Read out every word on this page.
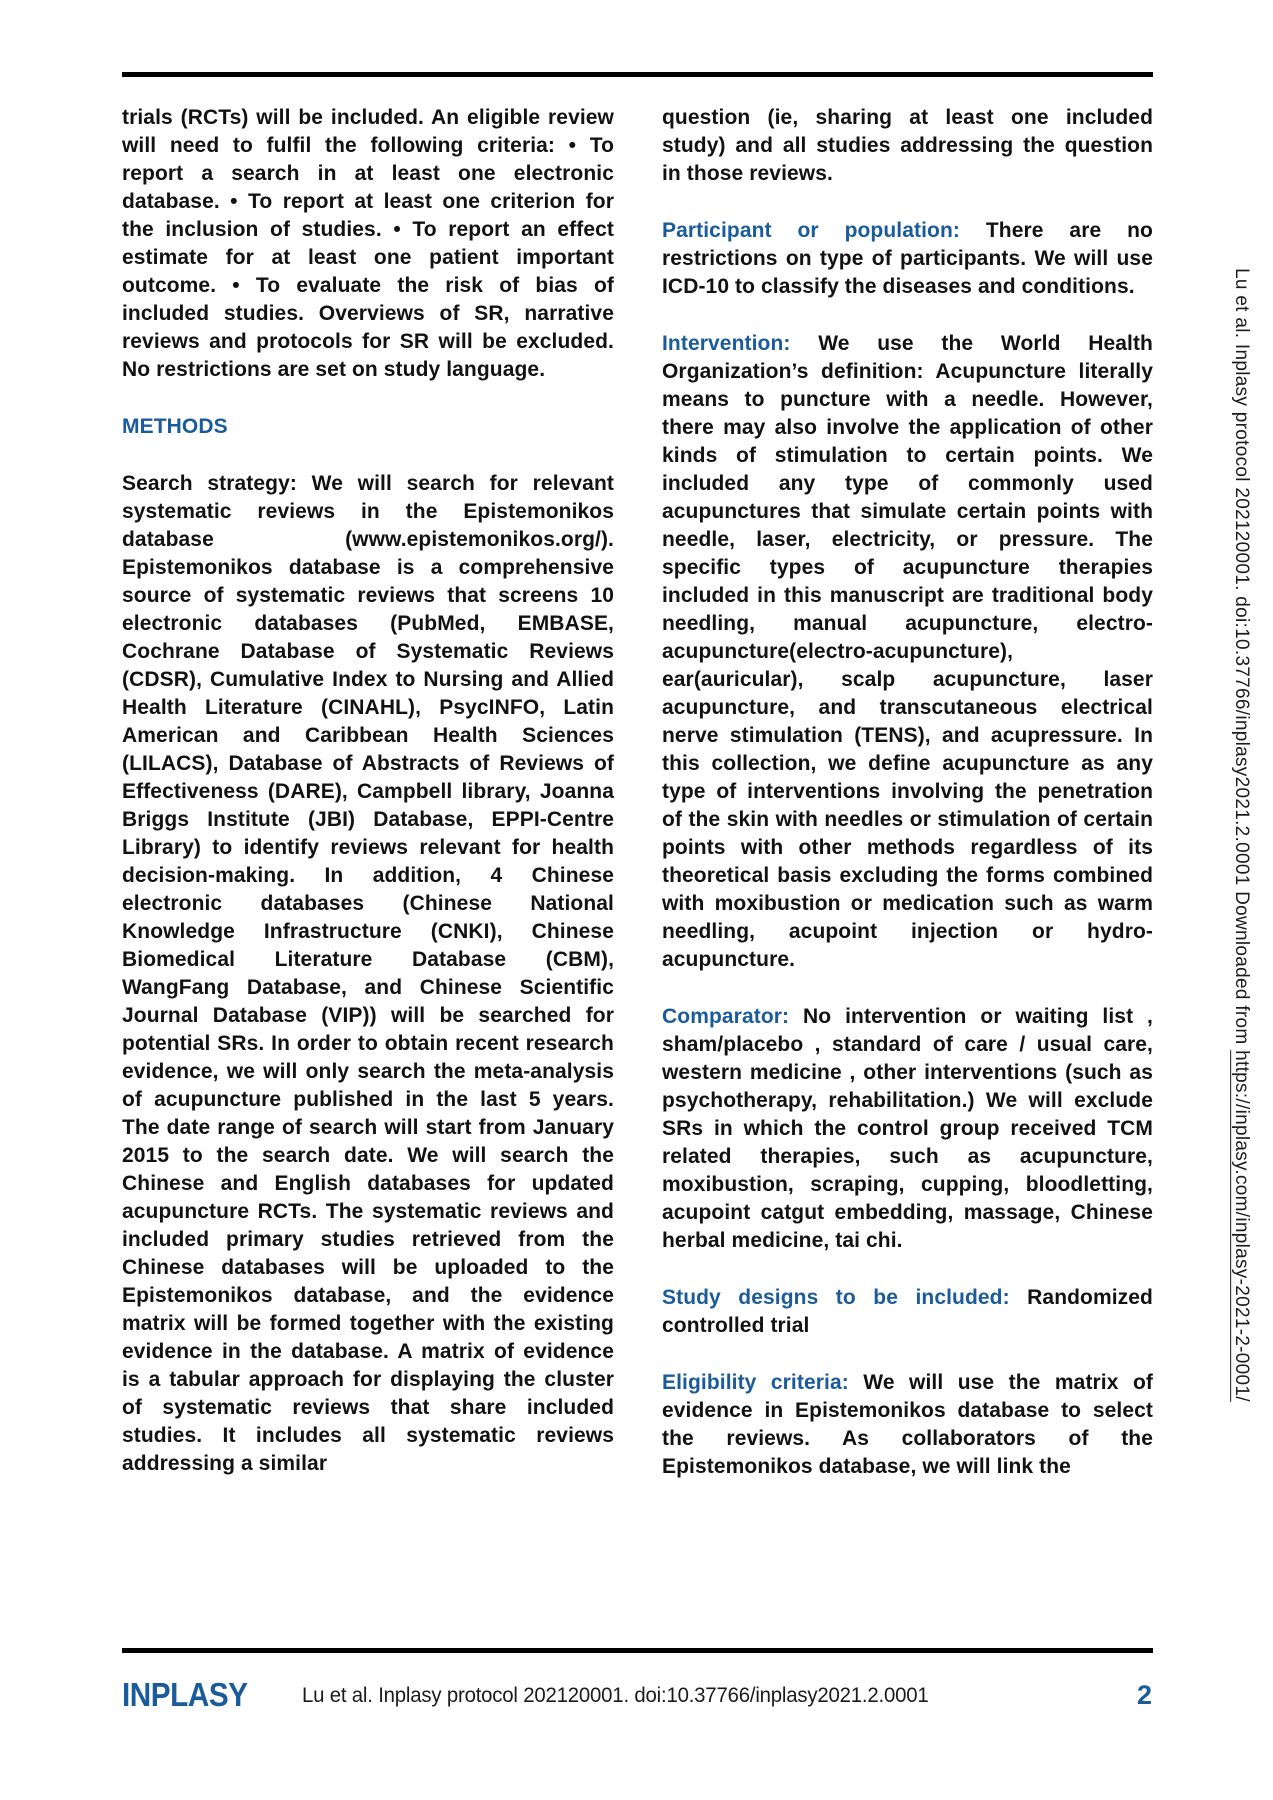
trials (RCTs) will be included. An eligible review will need to fulfil the following criteria: • To report a search in at least one electronic database. • To report at least one criterion for the inclusion of studies. • To report an effect estimate for at least one patient important outcome. • To evaluate the risk of bias of included studies. Overviews of SR, narrative reviews and protocols for SR will be excluded. No restrictions are set on study language.

METHODS

Search strategy: We will search for relevant systematic reviews in the Epistemonikos database (www.epistemonikos.org/). Epistemonikos database is a comprehensive source of systematic reviews that screens 10 electronic databases (PubMed, EMBASE, Cochrane Database of Systematic Reviews (CDSR), Cumulative Index to Nursing and Allied Health Literature (CINAHL), PsycINFO, Latin American and Caribbean Health Sciences (LILACS), Database of Abstracts of Reviews of Effectiveness (DARE), Campbell library, Joanna Briggs Institute (JBI) Database, EPPI-Centre Library) to identify reviews relevant for health decision-making. In addition, 4 Chinese electronic databases (Chinese National Knowledge Infrastructure (CNKI), Chinese Biomedical Literature Database (CBM), WangFang Database, and Chinese Scientific Journal Database (VIP)) will be searched for potential SRs. In order to obtain recent research evidence, we will only search the meta-analysis of acupuncture published in the last 5 years. The date range of search will start from January 2015 to the search date. We will search the Chinese and English databases for updated acupuncture RCTs. The systematic reviews and included primary studies retrieved from the Chinese databases will be uploaded to the Epistemonikos database, and the evidence matrix will be formed together with the existing evidence in the database. A matrix of evidence is a tabular approach for displaying the cluster of systematic reviews that share included studies. It includes all systematic reviews addressing a similar

question (ie, sharing at least one included study) and all studies addressing the question in those reviews.

Participant or population: There are no restrictions on type of participants. We will use ICD-10 to classify the diseases and conditions.

Intervention: We use the World Health Organization’s definition: Acupuncture literally means to puncture with a needle. However, there may also involve the application of other kinds of stimulation to certain points. We included any type of commonly used acupunctures that simulate certain points with needle, laser, electricity, or pressure. The specific types of acupuncture therapies included in this manuscript are traditional body needling, manual acupuncture, electro-acupuncture(electro-acupuncture), ear(auricular), scalp acupuncture, laser acupuncture, and transcutaneous electrical nerve stimulation (TENS), and acupressure. In this collection, we define acupuncture as any type of interventions involving the penetration of the skin with needles or stimulation of certain points with other methods regardless of its theoretical basis excluding the forms combined with moxibustion or medication such as warm needling, acupoint injection or hydro-acupuncture.

Comparator: No intervention or waiting list , sham/placebo , standard of care / usual care, western medicine , other interventions (such as psychotherapy, rehabilitation.) We will exclude SRs in which the control group received TCM related therapies, such as acupuncture, moxibustion, scraping, cupping, bloodletting, acupoint catgut embedding, massage, Chinese herbal medicine, tai chi.

Study designs to be included: Randomized controlled trial

Eligibility criteria: We will use the matrix of evidence in Epistemonikos database to select the reviews. As collaborators of the Epistemonikos database, we will link the

Lu et al. Inplasy protocol 202120001. doi:10.37766/inplasy2021.2.0001 Downloaded from https://inplasy.com/inplasy-2021-2-0001/
INPLASY	Lu et al. Inplasy protocol 202120001. doi:10.37766/inplasy2021.2.0001	2
